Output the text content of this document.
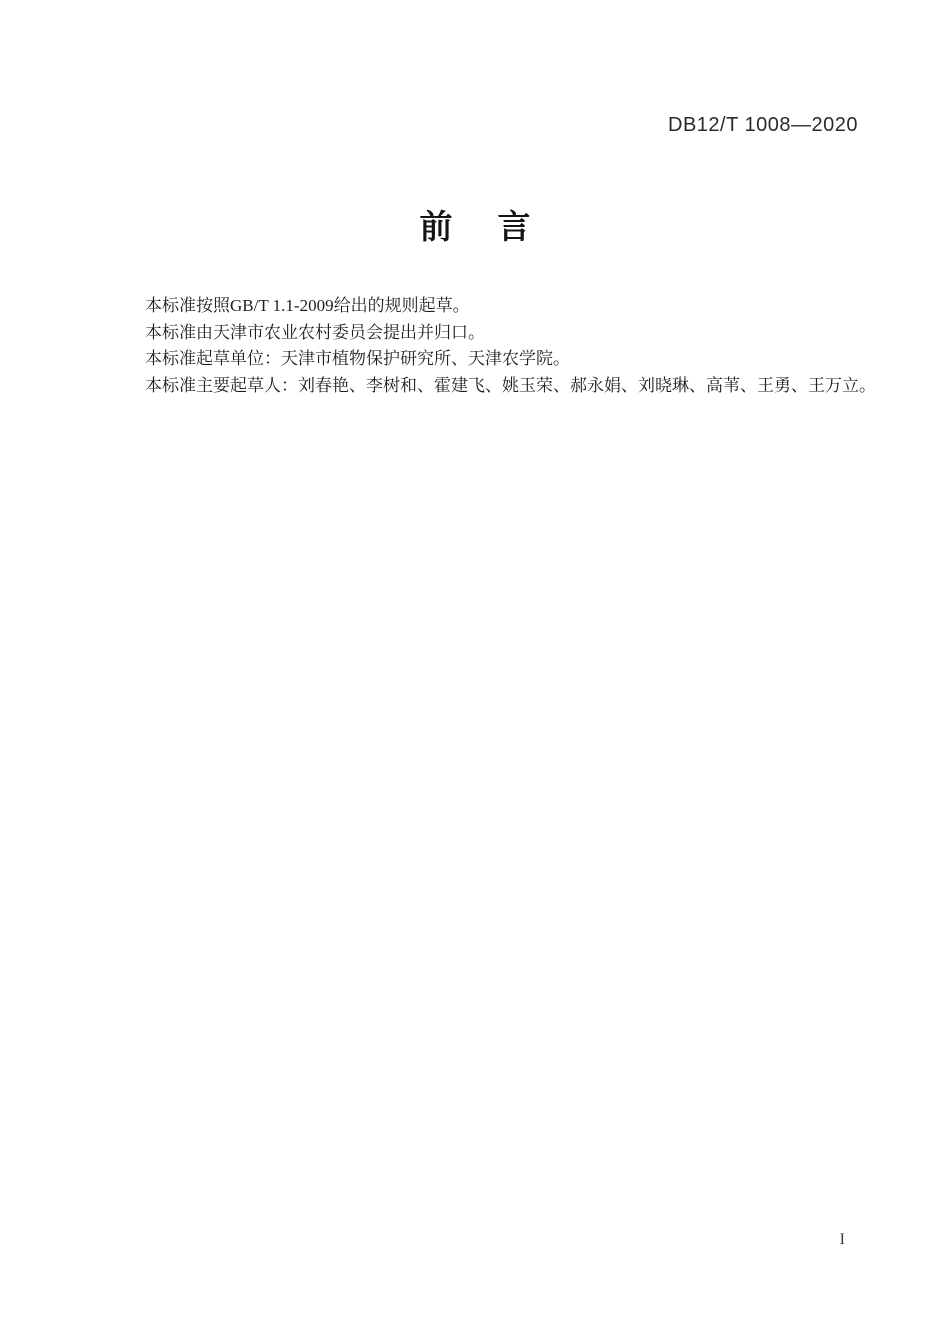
DB12/T 1008—2020
前 言

本标准按照GB/T 1.1-2009给出的规则起草。

本标准由天津市农业农村委员会提出并归口。

本标准起草单位：天津市植物保护研究所、天津农学院。

本标准主要起草人：刘春艳、李树和、霍建飞、姚玉荣、郝永娟、刘晓琳、高苇、王勇、王万立。

I
